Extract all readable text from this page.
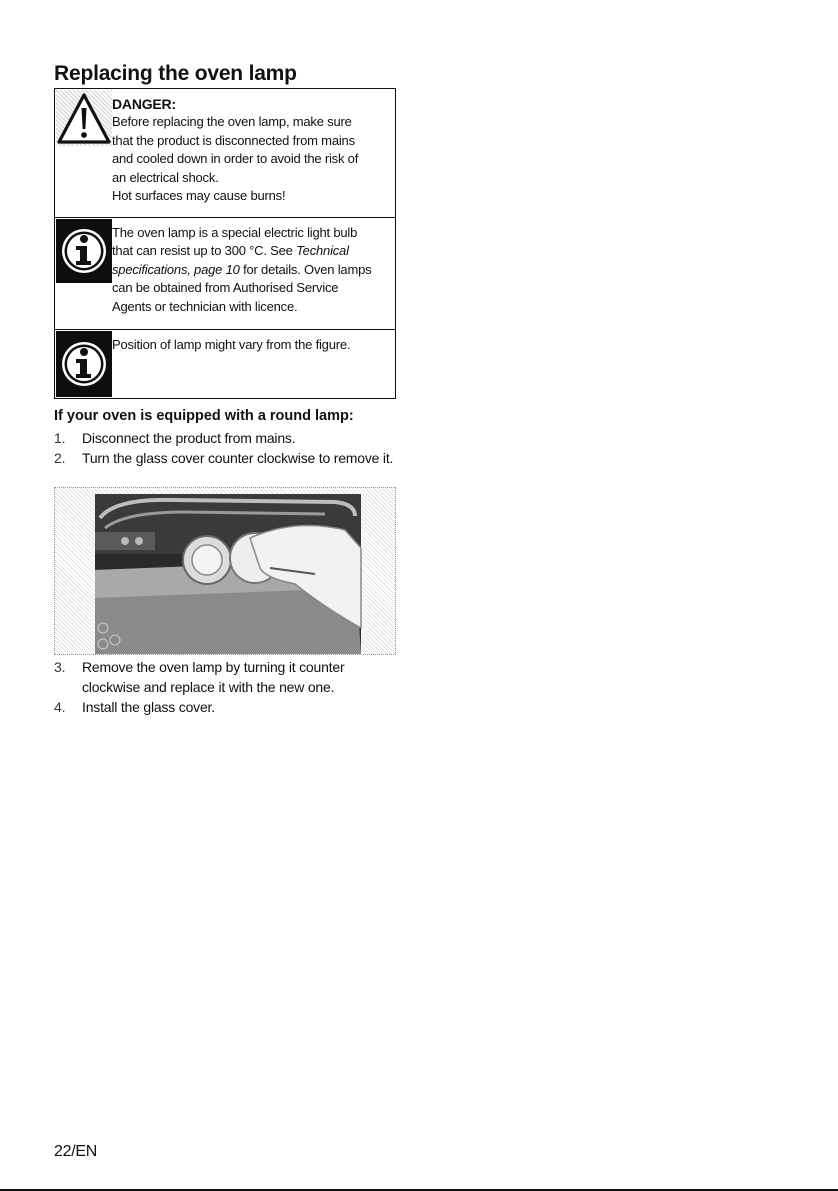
Replacing the oven lamp

DANGER:

Before replacing the oven lamp, make sure

that the product is disconnected from mains

and cooled down in order to avoid the risk of

an electrical shock.

Hot surfaces may cause burns!

The oven lamp is a special electric light bulb

that can resist up to 300 °C. See Technical

specifications, page 10 for details. Oven lamps

can be obtained from Authorised Service

Agents or technician with licence.

Position of lamp might vary from the figure.

If your oven is equipped with a round lamp:
1.	Disconnect the product from mains.
2.	Turn the glass cover counter clockwise to remove it.
3.	Remove the oven lamp by turning it counter clockwise and replace it with the new one.
4.	Install the glass cover.
22/EN
